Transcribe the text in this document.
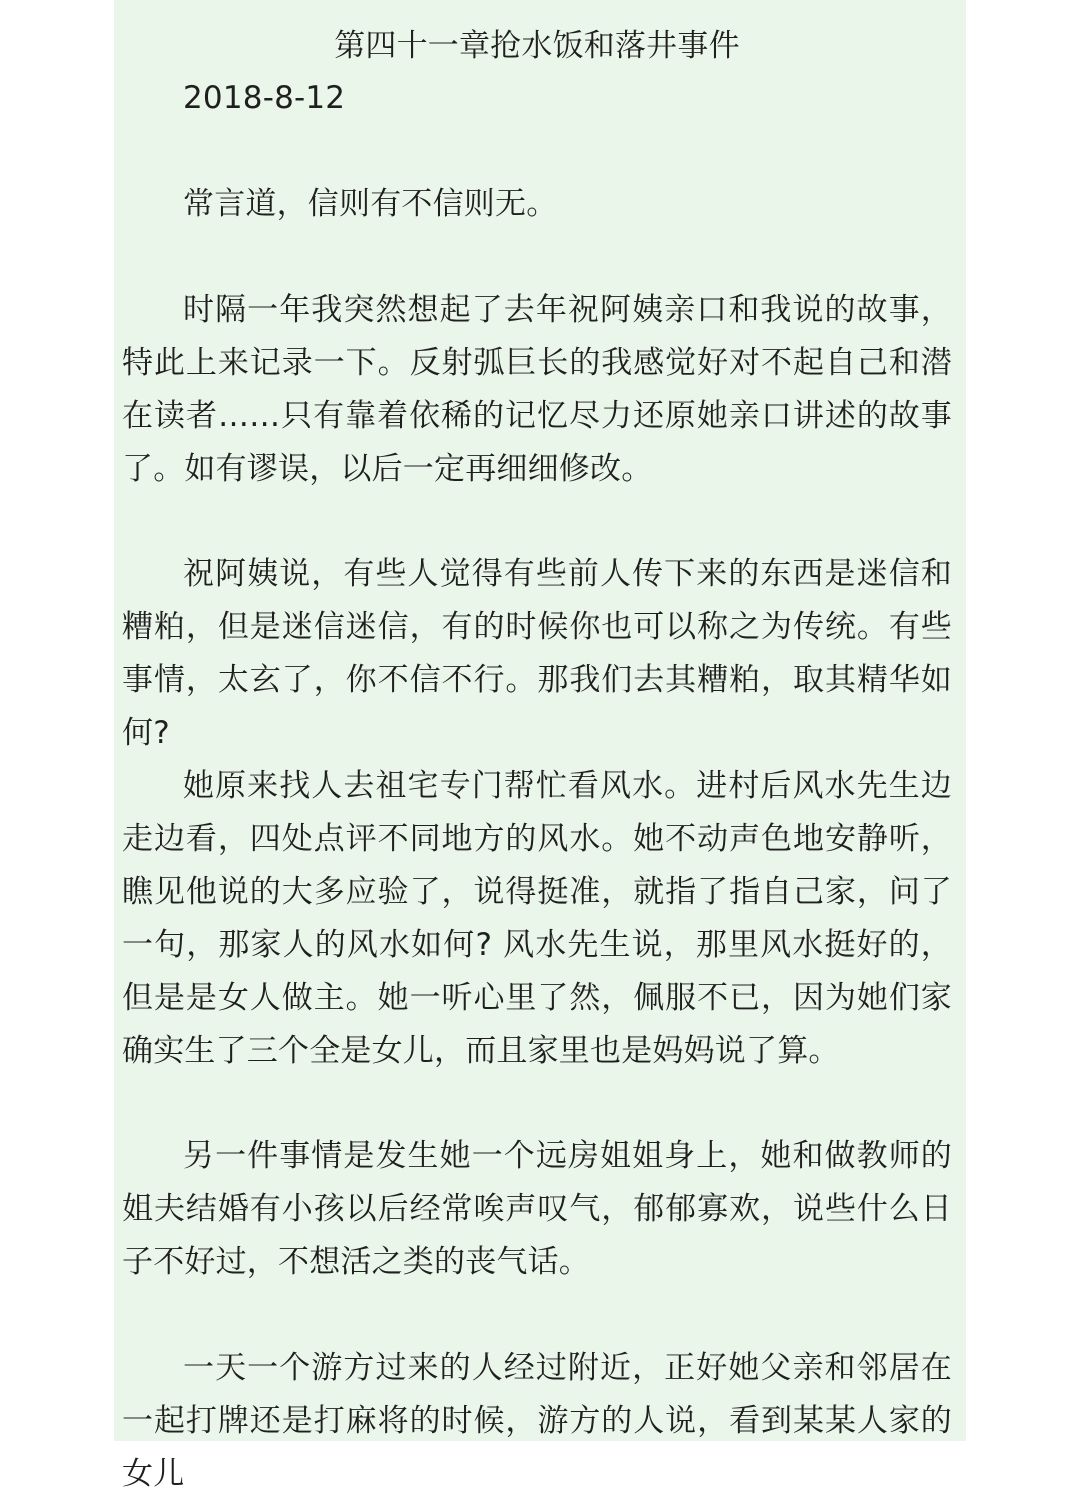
第四十一章抢水饭和落井事件
2018-8-12

常言道，信则有不信则无。

时隔一年我突然想起了去年祝阿姨亲口和我说的故事，特此上来记录一下。反射弧巨长的我感觉好对不起自己和潜在读者……只有靠着依稀的记忆尽力还原她亲口讲述的故事了。如有谬误，以后一定再细细修改。

祝阿姨说，有些人觉得有些前人传下来的东西是迷信和糟粕，但是迷信迷信，有的时候你也可以称之为传统。有些事情，太玄了，你不信不行。那我们去其糟粕，取其精华如何?

她原来找人去祖宅专门帮忙看风水。进村后风水先生边走边看，四处点评不同地方的风水。她不动声色地安静听，瞧见他说的大多应验了，说得挺准，就指了指自己家，问了一句，那家人的风水如何? 风水先生说，那里风水挺好的，但是是女人做主。她一听心里了然，佩服不已，因为她们家确实生了三个全是女儿，而且家里也是妈妈说了算。

另一件事情是发生她一个远房姐姐身上，她和做教师的姐夫结婚有小孩以后经常唉声叹气，郁郁寡欢，说些什么日子不好过，不想活之类的丧气话。

一天一个游方过来的人经过附近，正好她父亲和邻居在一起打牌还是打麻将的时候，游方的人说，看到某某人家的女儿
